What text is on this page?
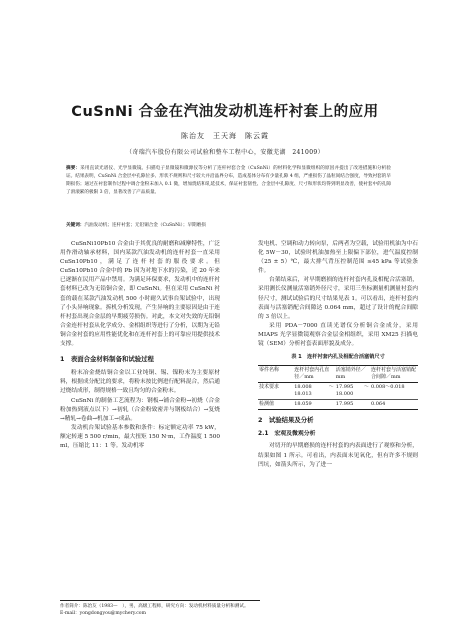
CuSnNi 合金在汽油发动机连杆衬套上的应用
陈治友　王天海　陈云霞
（奇瑞汽车股份有限公司试验和整车工程中心，安徽芜湖　241009）
摘要：采用直读光谱仪、光学显微镜、扫描电子显微镜和微源仪等分析了连杆衬套合金（CuSnNi）的材料化学和显微组织的原因并提出了改进措施和分析验证。结果表明，CuSnNi 合金层中孔隙位多、形状不规则和尺寸较大并沿晶界分布，造成基体分布有少量孔隙 4 组，严重损伤了晶粒间结合强度，导致衬套的早期损伤；通过在衬套制作过程中调合金粉末加入 0.1 微，增加烧结和轧延技术，保证衬套韧性、合金层中孔隙度、尺寸和形状均得到明显改善，使衬套中的孔隙了滑滚累的极限 3 倍，显著改善了产品质量。
关键词：汽油发动机；连杆衬套；无铅铜合金（CuSnNi）；早期磨损

CuSnNi10Pb10 合金由于其优良的耐磨和减摩特性，广泛用作滑动轴承材料，国内某款汽油发动机的连杆衬套一直采用 CuSn10Pb10，满足了连杆衬套的服役要求。但 CuSn10Pb10 合金中的 Pb 因为对地下水的污染，近 20 年来已逐渐在民用产品中禁用。为满足环保要求，发动机中的连杆衬套材料已改为无铅铜合金，即 CuSnNi。但在采用 CuSnNi 衬套的载在某款汽油发动机 500 小时耐久试事台架试验中，出现了小头异响现象。拆机分析发现，产生异响的主要原因是由于连杆衬套出现合金层的早期疲劳损伤。对此，本文对失效的无铅铜合金连杆衬套从化学成分、金相组织等进行了分析，以期为无铅铜合金衬套的应用性能优化和在连杆衬套上的可靠应用提供技术支撑。

1　表面合金材料制备和试验过程

粉末冶金烧结铜合金以工业纯铜、锡、镍粉末为主要原材料，根据成分配比的要求，将粉末按比例进行配料混合，然后通过烧结成形，制得规格一致且均匀的合金粉末。

CuSnNi 的制备工艺流程为：钢板→铺合金粉→初烧（合金粉加热到液点以下）→初轧（合金粉致密并与钢板结合）→复烧→精轧→卷曲→机加工→成品。

发动机台架试验基本参数和条件：标定额定功率 75 kW，额定转速 5 500 r/min，最大扭矩 150 N·m，工作温度 1 500 ml，压缩比 11：1 等。发动机零

发电机、空调和动力转向泵，后两者为空载，试验用机油为中石化 5W－30，试验时机油加热至上限偏下部位，进气温度控制（25 ± 5）℃，最大排气背压控制范围 ≤45 kPa 等试验条件。

台架结束后，对早期磨损的连杆衬套内孔及相配合活塞销，采用测长仪测量活塞销外径尺寸，采用三坐标测量机测量衬套内径尺寸，测试试验后的尺寸结果见表 1。可以看出，连杆衬套内表面与活塞销配合间隙达 0.064 mm，超过了设计的配合间隙的 3 倍以上。

采用 PDA－7000 直读光谱仪分析铜合金成分，采用 MIAPS 光学显微镜观察合金层金相组织，采用 XM25 扫描电镜（SEM）分析衬套表面形貌及成分。

表 1　连杆衬套内孔及相配合活塞销尺寸
零件名称	连杆衬套内孔直径／mm	活塞销外径／mm	连杆衬套与活塞销配合间隙／mm
技术要求	18.008～18.013	17.995～18.000	0.008～0.018
检测值	18.059	17.995	0.064
2　试验结果及分析
2.1　宏观及微观分析

对切开的早期磨损的连杆衬套的内表面进行了观察和分析，结果如图 1 所示。可看出，内表面未见氧化，但有许多不规则凹坑，如箭头所示，为了进一

作者简介：陈治友（1983—　），男，高级工程师，研究方向：发动机材料质量分析和测试。
E-mail：yongdongyou@mychery.com
